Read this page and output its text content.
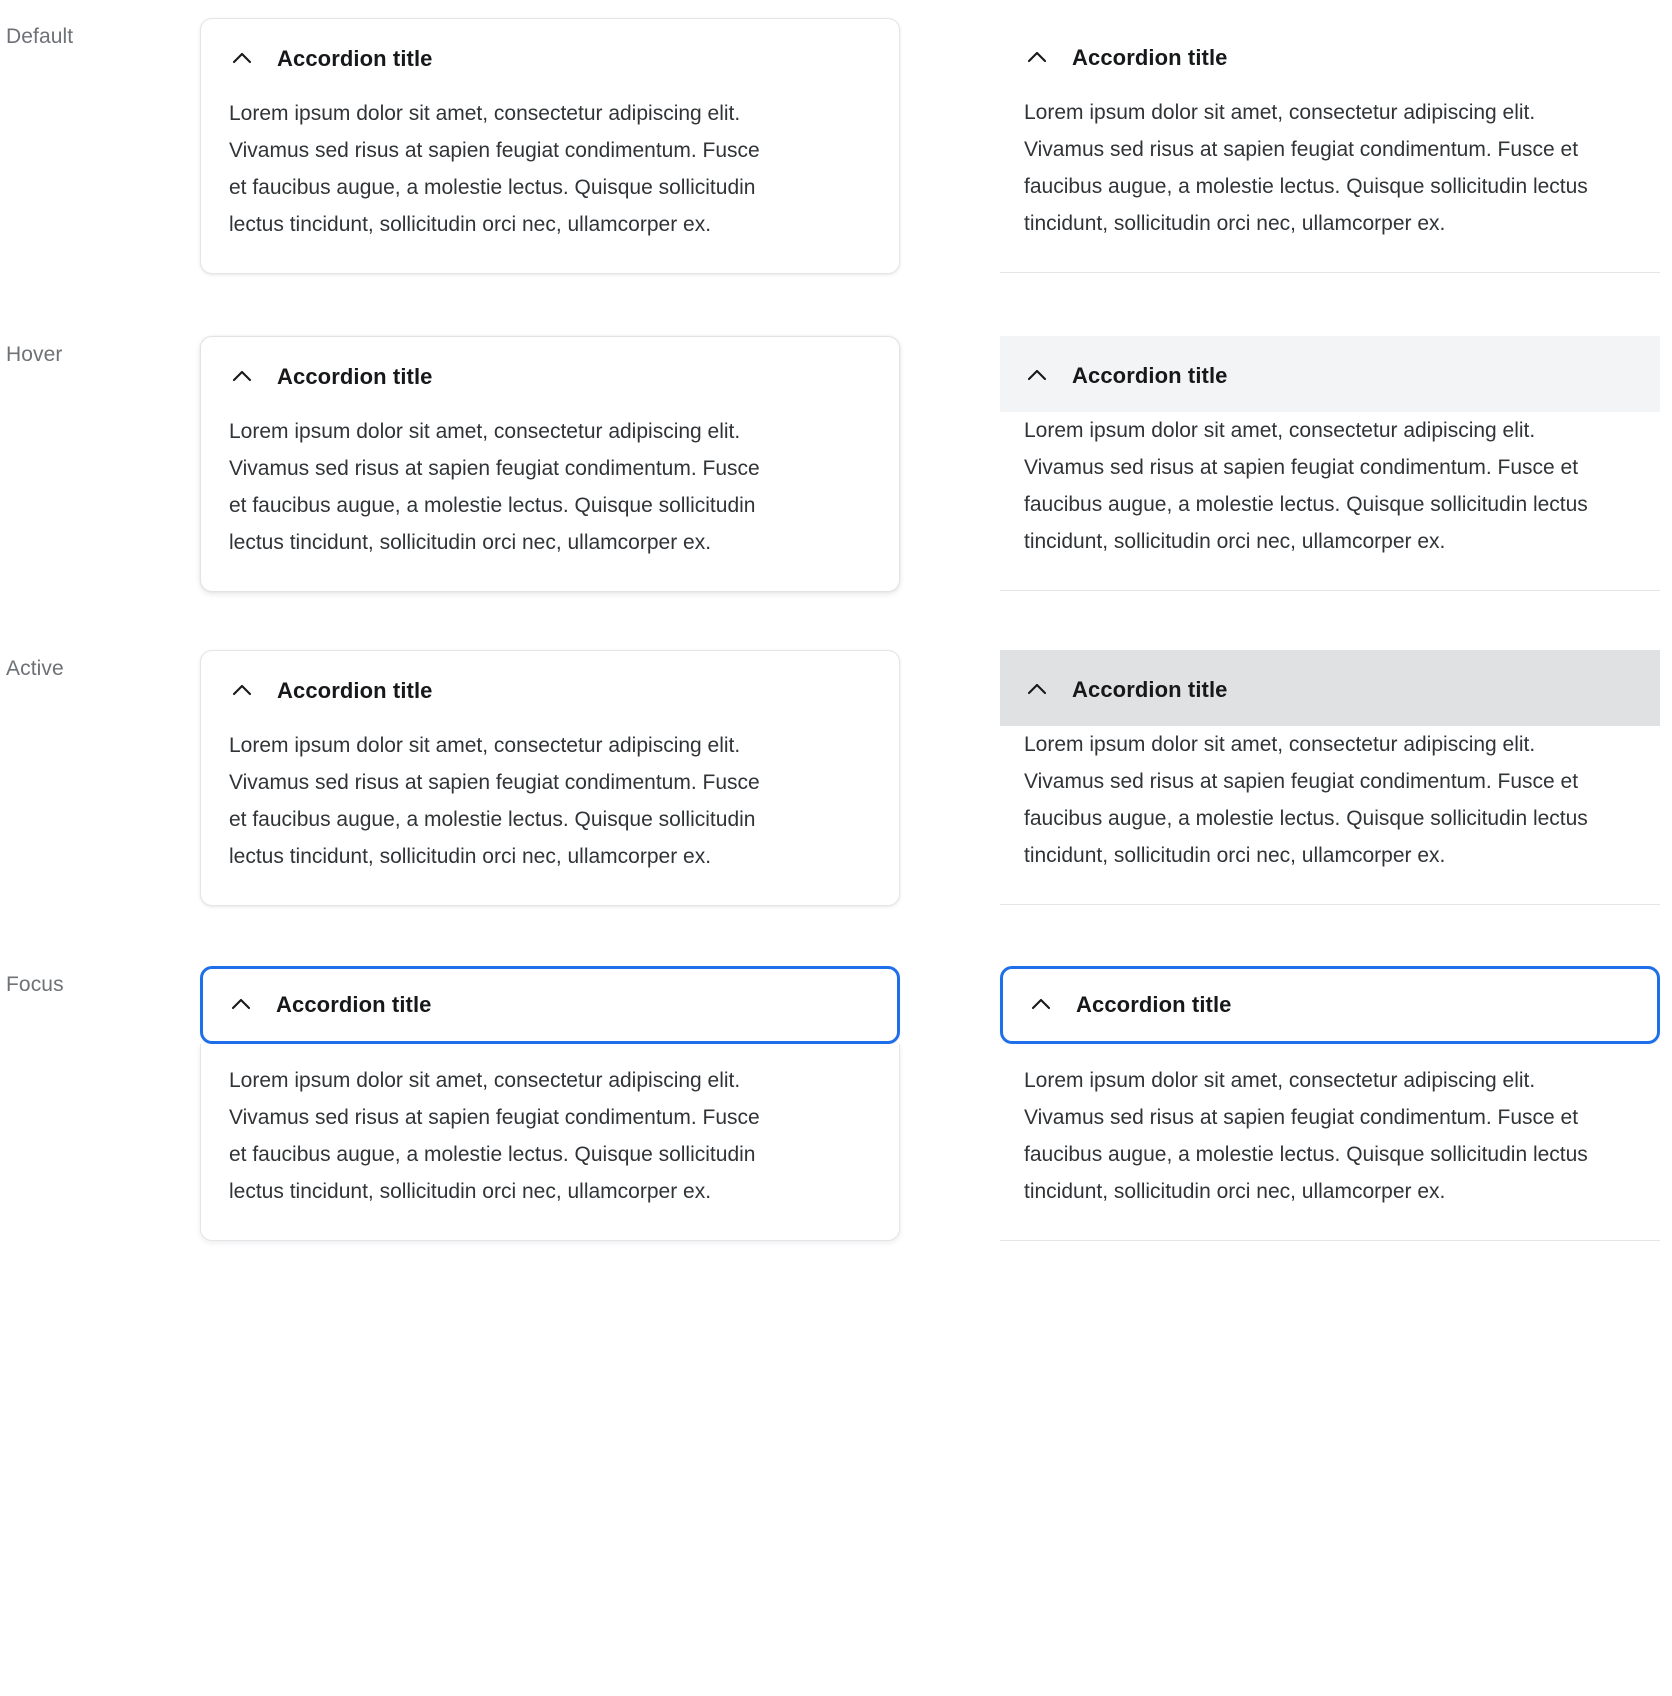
Default
Accordion title
Lorem ipsum dolor sit amet, consectetur adipiscing elit. Vivamus sed risus at sapien feugiat condimentum. Fusce et faucibus augue, a molestie lectus. Quisque sollicitudin lectus tincidunt, sollicitudin orci nec, ullamcorper ex.
Accordion title
Lorem ipsum dolor sit amet, consectetur adipiscing elit. Vivamus sed risus at sapien feugiat condimentum. Fusce et faucibus augue, a molestie lectus. Quisque sollicitudin lectus tincidunt, sollicitudin orci nec, ullamcorper ex.
Hover
Accordion title
Lorem ipsum dolor sit amet, consectetur adipiscing elit. Vivamus sed risus at sapien feugiat condimentum. Fusce et faucibus augue, a molestie lectus. Quisque sollicitudin lectus tincidunt, sollicitudin orci nec, ullamcorper ex.
Accordion title
Lorem ipsum dolor sit amet, consectetur adipiscing elit. Vivamus sed risus at sapien feugiat condimentum. Fusce et faucibus augue, a molestie lectus. Quisque sollicitudin lectus tincidunt, sollicitudin orci nec, ullamcorper ex.
Active
Accordion title
Lorem ipsum dolor sit amet, consectetur adipiscing elit. Vivamus sed risus at sapien feugiat condimentum. Fusce et faucibus augue, a molestie lectus. Quisque sollicitudin lectus tincidunt, sollicitudin orci nec, ullamcorper ex.
Accordion title
Lorem ipsum dolor sit amet, consectetur adipiscing elit. Vivamus sed risus at sapien feugiat condimentum. Fusce et faucibus augue, a molestie lectus. Quisque sollicitudin lectus tincidunt, sollicitudin orci nec, ullamcorper ex.
Focus
Accordion title
Lorem ipsum dolor sit amet, consectetur adipiscing elit. Vivamus sed risus at sapien feugiat condimentum. Fusce et faucibus augue, a molestie lectus. Quisque sollicitudin lectus tincidunt, sollicitudin orci nec, ullamcorper ex.
Accordion title
Lorem ipsum dolor sit amet, consectetur adipiscing elit. Vivamus sed risus at sapien feugiat condimentum. Fusce et faucibus augue, a molestie lectus. Quisque sollicitudin lectus tincidunt, sollicitudin orci nec, ullamcorper ex.
